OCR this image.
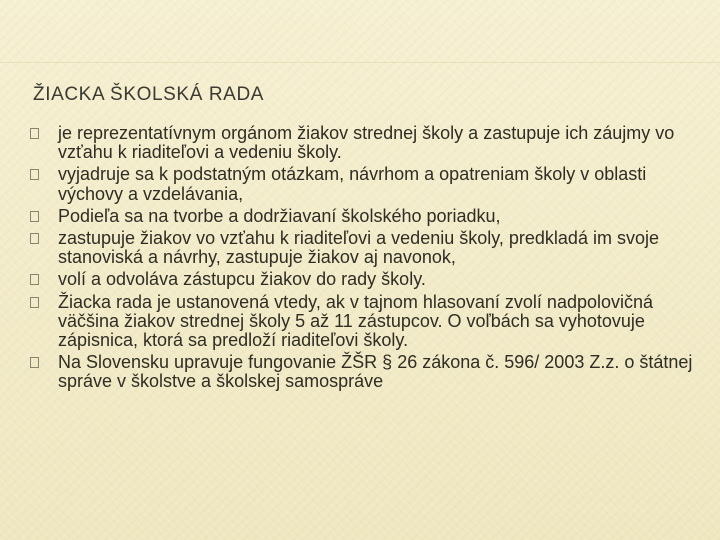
ŽIACKA ŠKOLSKÁ RADA
je reprezentatívnym orgánom žiakov strednej školy a zastupuje ich záujmy vo vzťahu k riaditeľovi a vedeniu školy.
vyjadruje sa k podstatným otázkam, návrhom a opatreniam školy v oblasti výchovy a vzdelávania,
Podieľa sa na tvorbe a dodržiavaní školského poriadku,
zastupuje žiakov vo vzťahu k riaditeľovi a vedeniu školy, predkladá im svoje stanoviská a návrhy, zastupuje žiakov aj navonok,
volí a odvoláva zástupcu žiakov do rady školy.
Žiacka rada je ustanovená vtedy, ak v tajnom hlasovaní zvolí nadpolovičná väčšina žiakov strednej školy 5 až 11 zástupcov. O voľbách sa vyhotovuje zápisnica, ktorá sa predloží riaditeľovi školy.
Na Slovensku upravuje fungovanie ŽŠR § 26 zákona č. 596/ 2003 Z.z. o štátnej správe v školstve a školskej samospráve
